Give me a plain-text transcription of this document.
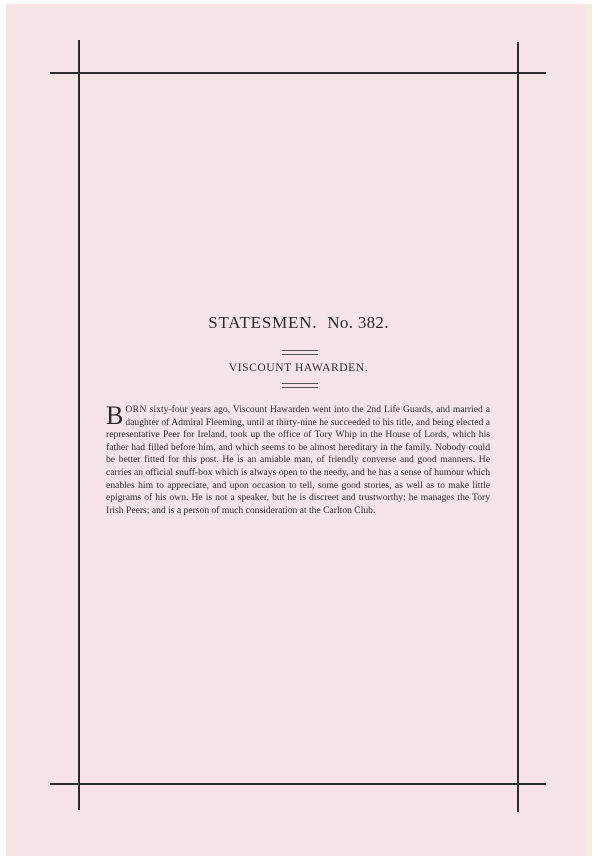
STATESMEN. No. 382.
VISCOUNT HAWARDEN.

BORN sixty-four years ago, Viscount Hawarden went into the 2nd Life Guards, and married a daughter of Admiral Fleeming, until at thirty-nine he succeeded to his title, and being elected a representative Peer for Ireland, took up the office of Tory Whip in the House of Lords, which his father had filled before him, and which seems to be almost hereditary in the family. Nobody could be better fitted for this post. He is an amiable man, of friendly converse and good manners. He carries an official snuff-box which is always open to the needy, and he has a sense of humour which enables him to appreciate, and upon occasion to tell, some good stories, as well as to make little epigrams of his own. He is not a speaker, but he is discreet and trustworthy; he manages the Tory Irish Peers; and is a person of much consideration at the Carlton Club.
